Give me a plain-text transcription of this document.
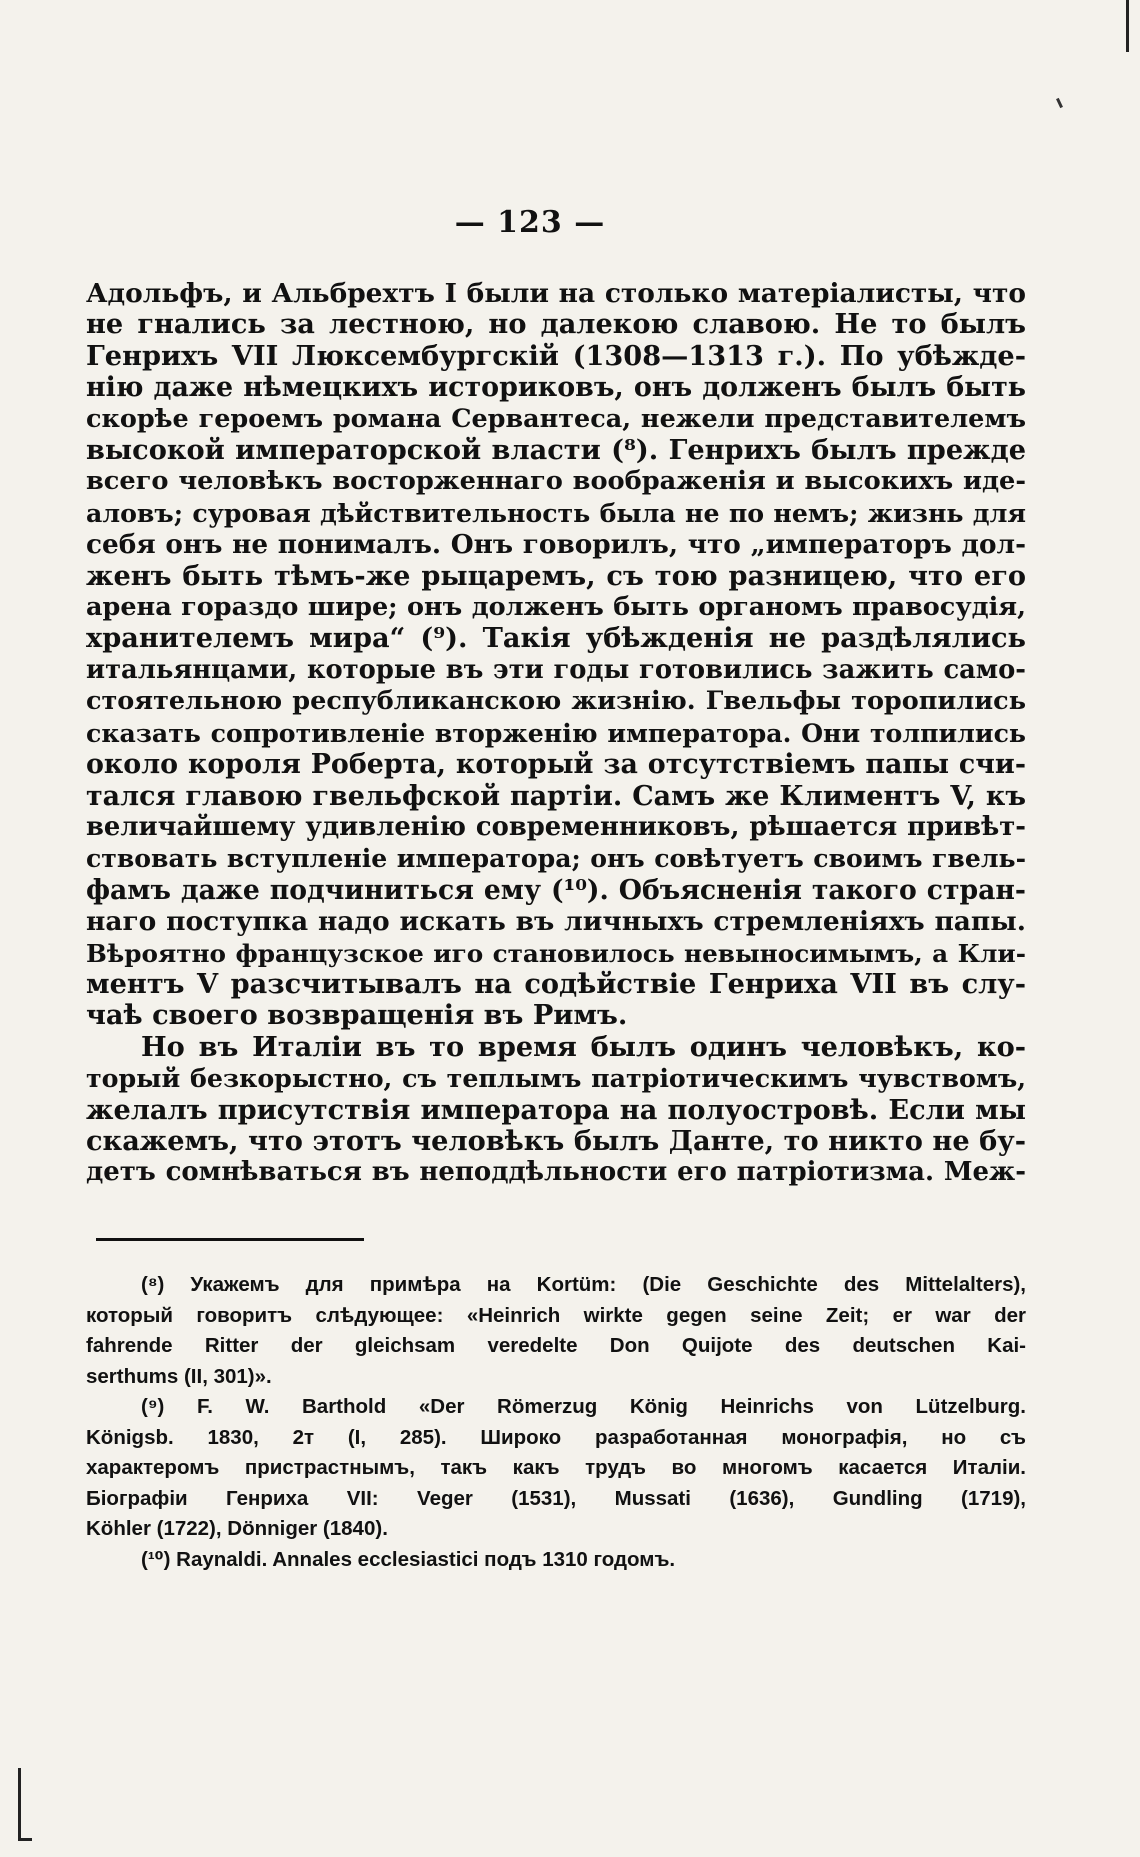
— 123 —
Адольфъ, и Альбрехтъ I были на столько матеріалисты, что
не гнались за лестною, но далекою славою. Не то былъ
Генрихъ VII Люксембургскій (1308—1313 г.). По убѣжде-
нію даже нѣмецкихъ историковъ, онъ долженъ былъ быть
скорѣе героемъ романа Сервантеса, нежели представителемъ
высокой императорской власти (⁸). Генрихъ былъ прежде
всего человѣкъ восторженнаго воображенія и высокихъ иде-
аловъ; суровая дѣйствительность была не по немъ; жизнь для
себя онъ не понималъ. Онъ говорилъ, что „императоръ дол-
женъ быть тѣмъ-же рыцаремъ, съ тою разницею, что его
арена гораздо шире; онъ долженъ быть органомъ правосудія,
хранителемъ мира“ (⁹). Такія убѣжденія не раздѣлялись
итальянцами, которые въ эти годы готовились зажить само-
стоятельною республиканскою жизнію. Гвельфы торопились
сказать сопротивленіе вторженію императора. Они толпились
около короля Роберта, который за отсутствіемъ папы счи-
тался главою гвельфской партіи. Самъ же Климентъ V, къ
величайшему удивленію современниковъ, рѣшается привѣт-
ствовать вступленіе императора; онъ совѣтуетъ своимъ гвель-
фамъ даже подчиниться ему (¹⁰). Объясненія такого стран-
наго поступка надо искать въ личныхъ стремленіяхъ папы.
Вѣроятно французское иго становилось невыносимымъ, а Кли-
ментъ V разсчитывалъ на содѣйствіе Генриха VII въ слу-
чаѣ своего возвращенія въ Римъ.
Но въ Италіи въ то время былъ одинъ человѣкъ, ко-
торый безкорыстно, съ теплымъ патріотическимъ чувствомъ,
желалъ присутствія императора на полуостровѣ. Если мы
скажемъ, что этотъ человѣкъ былъ Данте, то никто не бу-
детъ сомнѣваться въ неподдѣльности его патріотизма. Меж-
(⁸) Укажемъ для примѣра на Kortüm: (Die Geschichte des Mittelalters),
который говоритъ слѣдующее: «Heinrich wirkte gegen seine Zeit; er war der
fahrende Ritter der gleichsam veredelte Don Quijote des deutschen Kai-
serthums (II, 301)».
(⁹) F. W. Barthold «Der Römerzug König Heinrichs von Lützelburg.
Königsb. 1830, 2т (I, 285). Широко разработанная монографія, но съ
характеромъ пристрастнымъ, такъ какъ трудъ во многомъ касается Италіи.
Біографіи Генриха VII: Veger (1531), Mussati (1636), Gundling (1719),
Köhler (1722), Dönniger (1840).
(¹⁰) Raynaldi. Annales ecclesiastici подъ 1310 годомъ.
